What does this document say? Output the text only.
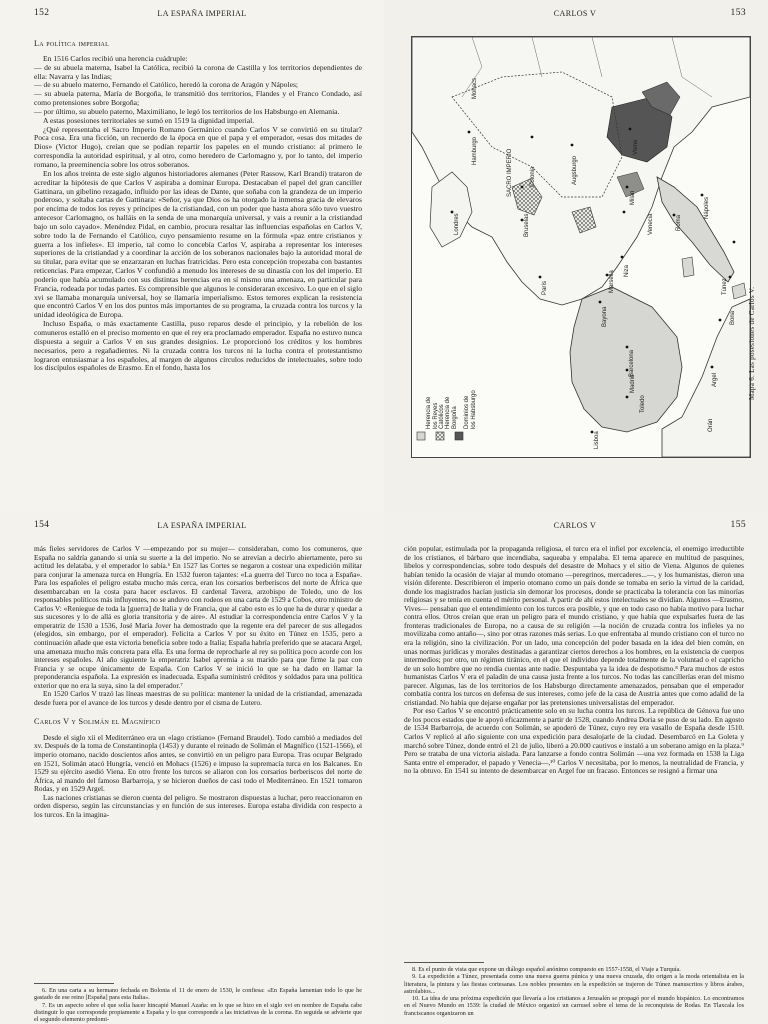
152	LA ESPAÑA IMPERIAL
La política imperial

En 1516 Carlos recibió una herencia cuádruple:

— de su abuela materna, Isabel la Católica, recibió la corona de Castilla y los territorios dependientes de ella: Navarra y las Indias;

— de su abuelo materno, Fernando el Católico, heredó la corona de Aragón y Nápoles;

— su abuela paterna, María de Borgoña, le transmitió dos territorios, Flandes y el Franco Condado, así como pretensiones sobre Borgoña;

— por último, su abuelo paterno, Maximiliano, le legó los territorios de los Habsburgo en Alemania.

A estas posesiones territoriales se sumó en 1519 la dignidad imperial.

¿Qué representaba el Sacro Imperio Romano Germánico cuando Carlos V se convirtió en su titular? Poca cosa. Era una ficción, un recuerdo de la época en que el papa y el emperador, «esas dos mitades de Dios» (Victor Hugo), creían que se podían repartir los papeles en el mundo cristiano: al primero le correspondía la autoridad espiritual, y al otro, como heredero de Carlomagno y, por lo tanto, del imperio romano, la preeminencia sobre los otros soberanos.

En los años treinta de este siglo algunos historiadores alemanes (Peter Rassow, Karl Brandi) trataron de acreditar la hipótesis de que Carlos V aspiraba a dominar Europa. Destacaban el papel del gran canciller Gattinara, un gibelino rezagado, influido por las ideas de Dante, que soñaba con la grandeza de un imperio poderoso, y soltaba cartas de Gattinara: «Señor, ya que Dios os ha otorgado la inmensa gracia de elevaros por encima de todos los reyes y príncipes de la cristiandad, con un poder que hasta ahora sólo tuvo vuestro antecesor Carlomagno, os halláis en la senda de una monarquía universal, y vais a reunir a la cristiandad bajo un solo cayado». Menéndez Pidal, en cambio, procura resaltar las influencias españolas en Carlos V, sobre todo la de Fernando el Católico, cuyo pensamiento resume en la fórmula «paz entre cristianos y guerra a los infieles». El imperio, tal como lo concebía Carlos V, aspiraba a representar los intereses superiores de la cristiandad y a coordinar la acción de los soberanos nacionales bajo la autoridad moral de su titular, para evitar que se enzarzaran en luchas fratricidas. Pero esta concepción tropezaba con bastantes reticencias. Para empezar, Carlos V confundió a menudo los intereses de su dinastía con los del imperio. El poderío que había acumulado con sus distintas herencias era en sí mismo una amenaza, en particular para Francia, rodeada por todas partes. Es comprensible que algunos le consideraran excesivo. Lo que en el siglo xvi se llamaba monarquía universal, hoy se llamaría imperialismo. Estos temores explican la resistencia que encontró Carlos V en los dos puntos más importantes de su programa, la cruzada contra los turcos y la unidad ideológica de Europa.

Incluso España, o más exactamente Castilla, puso reparos desde el principio, y la rebelión de los comuneros estalló en el preciso momento en que el rey era proclamado emperador. España no estuvo nunca dispuesta a seguir a Carlos V en sus grandes designios. Le proporcionó los créditos y los hombres necesarios, pero a regañadientes. Ni la cruzada contra los turcos ni la lucha contra el protestantismo lograron entusiasmar a los españoles, al margen de algunos círculos reducidos de intelectuales, sobre todo los discípulos españoles de Erasmo. En el fondo, hasta los

CARLOS V	153
Mohacs
Hamburgo	SACRO IMPERIO	Colonia
Viena
Augsburgo
Milán
Venecia	Roma
Nápoles
Túnez
Bona
Argel
Orán
Niza
Marsella
París
Bruselas
Londres
Bayona
Barcelona
Madrid
Toledo
Lisboa
Herencia de los Reyes Católicos Herencia de Borgoña Dominios de los Habsburgo
Mapa 6. Las posesiones de Carlos V.
154	LA ESPAÑA IMPERIAL

más fieles servidores de Carlos V —empezando por su mujer— consideraban, como los comuneros, que España no saldría ganando si unía su suerte a la del imperio. No se atrevían a decirlo abiertamente, pero su actitud les delataba, y el emperador lo sabía.⁶ En 1527 las Cortes se negaron a costear una expedición militar para conjurar la amenaza turca en Hungría. En 1532 fueron tajantes: «La guerra del Turco no toca a España». Para los españoles el peligro estaba mucho más cerca, eran los corsarios berberiscos del norte de África que desembarcaban en la costa para hacer esclavos. El cardenal Tavera, arzobispo de Toledo, uno de los responsables políticos más influyentes, no se anduvo con rodeos en una carta de 1529 a Cobos, otro ministro de Carlos V: «Reniegue de toda la [guerra] de Italia y de Francia, que al cabo esto es lo que ha de durar y quedar a sus sucesores y lo de allá es gloria transitoria y de aire». Al estudiar la correspondencia entre Carlos V y la emperatriz de 1530 a 1536, José María Jover ha demostrado que la regente era del parecer de sus allegados (elegidos, sin embargo, por el emperador). Felicita a Carlos V por su éxito en Túnez en 1535, pero a continuación añade que esta victoria beneficia sobre todo a Italia; España habría preferido que se atacara Argel, una amenaza mucho más concreta para ella. Es una forma de reprocharle al rey su política poco acorde con los intereses españoles. Al año siguiente la emperatriz Isabel apremia a su marido para que firme la paz con Francia y se ocupe únicamente de España. Con Carlos V se inició lo que se ha dado en llamar la preponderancia española. La expresión es inadecuada. España suministró créditos y soldados para una política exterior que no era la suya, sino la del emperador.⁷

En 1520 Carlos V trazó las líneas maestras de su política: mantener la unidad de la cristiandad, amenazada desde fuera por el avance de los turcos y desde dentro por el cisma de Lutero.

Carlos V y Solimán el Magnífico

Desde el siglo xii el Mediterráneo era un «lago cristiano» (Fernand Braudel). Todo cambió a mediados del xv. Después de la toma de Constantinopla (1453) y durante el reinado de Solimán el Magnífico (1521-1566), el imperio otomano, nacido doscientos años antes, se convirtió en un peligro para Europa. Tras ocupar Belgrado en 1521, Solimán atacó Hungría, venció en Mohacs (1526) e impuso la supremacía turca en los Balcanes. En 1529 su ejército asedió Viena. En otro frente los turcos se aliaron con los corsarios berberiscos del norte de África, al mando del famoso Barbarroja, y se hicieron dueños de casi todo el Mediterráneo. En 1521 tomaron Rodas, y en 1529 Argel.

Las naciones cristianas se dieron cuenta del peligro. Se mostraron dispuestas a luchar, pero reaccionaron en orden disperso, según las circunstancias y en función de sus intereses. Europa estaba dividida con respecto a los turcos. En la imagina-

6. En una carta a su hermano fechada en Bolonia el 11 de enero de 1530, le confiesa: «En España lamentan todo lo que he gastado de ese reino [España] para esta Italia».

7. Es un aspecto sobre el que solía hacer hincapié Manuel Azaña: en lo que se hizo en el siglo xvi en nombre de España cabe distinguir lo que corresponde propiamente a España y lo que corresponde a las iniciativas de la corona. En seguida se advierte que el segundo elemento predomi-

CARLOS V	155

ción popular, estimulada por la propaganda religiosa, el turco era el infiel por excelencia, el enemigo irreductible de los cristianos, el bárbaro que incendiaba, saqueaba y empalaba. El tema aparece en multitud de pasquines, libelos y correspondencias, sobre todo después del desastre de Mohacs y el sitio de Viena. Algunos de quienes habían tenido la ocasión de viajar al mundo otomano —peregrinos, mercaderes...—, y los humanistas, dieron una visión diferente. Describieron el imperio otomano como un país donde se tomaba en serio la virtud de la caridad, donde los magistrados hacían justicia sin demorar los procesos, donde se practicaba la tolerancia con las minorías religiosas y se tenía en cuenta el mérito personal. A partir de ahí estos intelectuales se dividían. Algunos —Erasmo, Vives— pensaban que el entendimiento con los turcos era posible, y que en todo caso no había motivo para luchar contra ellos. Otros creían que eran un peligro para el mundo cristiano, y que había que expulsarles fuera de las fronteras tradicionales de Europa, no a causa de su religión —la noción de cruzada contra los infieles ya no movilizaba como antaño—, sino por otras razones más serias. Lo que enfrentaba al mundo cristiano con el turco no era la religión, sino la civilización. Por un lado, una concepción del poder basada en la idea del bien común, en unas normas jurídicas y morales destinadas a garantizar ciertos derechos a los hombres, en la existencia de cuerpos intermedios; por otro, un régimen tiránico, en el que el individuo depende totalmente de la voluntad o el capricho de un solo hombre que no rendía cuentas ante nadie. Despuntaba ya la idea de despotismo.⁸ Para muchos de estos humanistas Carlos V era el paladín de una causa justa frente a los turcos. No todas las cancillerías eran del mismo parecer. Algunas, las de los territorios de los Habsburgo directamente amenazados, pensaban que el emperador combatía contra los turcos en defensa de sus intereses, como jefe de la casa de Austria antes que como adalid de la cristiandad. No había que dejarse engañar por las pretensiones universalistas del emperador.

Por eso Carlos V se encontró prácticamente solo en su lucha contra los turcos. La república de Génova fue uno de los pocos estados que le apoyó eficazmente a partir de 1528, cuando Andrea Doria se puso de su lado. En agosto de 1534 Barbarroja, de acuerdo con Solimán, se apoderó de Túnez, cuyo rey era vasallo de España desde 1510. Carlos V replicó al año siguiente con una expedición para desalojarle de la ciudad. Desembarcó en La Goleta y marchó sobre Túnez, donde entró el 21 de julio, liberó a 20.000 cautivos e instaló a un soberano amigo en la plaza.⁹ Pero se trataba de una victoria aislada. Para lanzarse a fondo contra Solimán —una vez formada en 1538 la Liga Santa entre el emperador, el papado y Venecia—,¹⁰ Carlos V necesitaba, por lo menos, la neutralidad de Francia, y no la obtuvo. En 1541 su intento de desembarcar en Argel fue un fracaso. Entonces se resignó a firmar una

8. Es el punto de vista que expone un diálogo español anónimo compuesto en 1557-1558, el Viaje a Turquía.

9. La expedición a Túnez, presentada como una nueva guerra púnica y una nueva cruzada, dio origen a la moda orientalista en la literatura, la pintura y las fiestas cortesanas. Los nobles presentes en la expedición se trajeron de Túnez manuscritos y libros árabes, astrolabios...

10. La idea de una próxima expedición que llevaría a los cristianos a Jerusalén se propagó por el mundo hispánico. Lo encontramos en el Nuevo Mundo en 1539: la ciudad de México organizó un carrusel sobre el tema de la reconquista de Rodas. En Tlaxcala los franciscanos organizaron un
